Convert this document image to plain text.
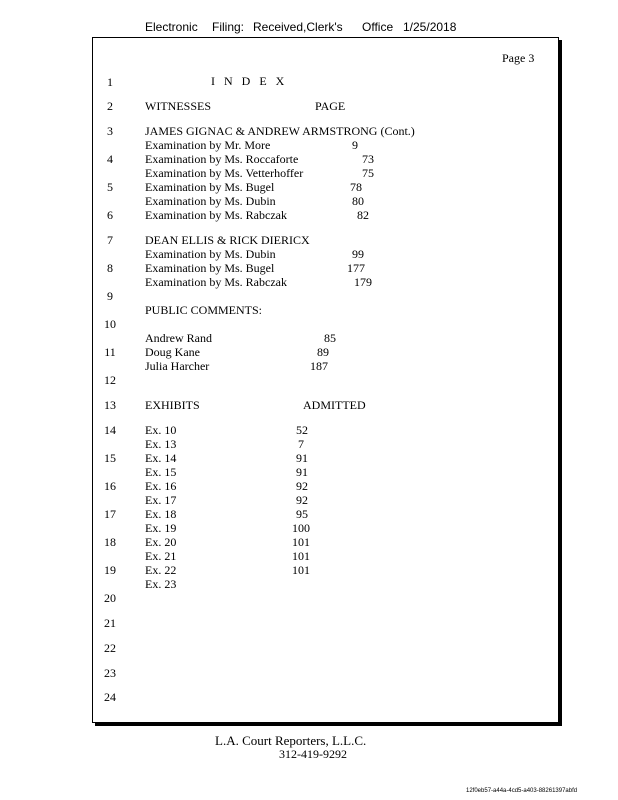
Electronic Filing: Received,Clerk's Office 1/25/2018
Page 3
I N D E X
1
2
3
4
5
6
7
8
9
10
11
12
13
14
15
16
17
18
19
20
21
22
23
24
WITNESSES	PAGE
JAMES GIGNAC & ANDREW ARMSTRONG (Cont.)
Examination by Mr. More	9
Examination by Ms. Roccaforte	73
Examination by Ms. Vetterhoffer	75
Examination by Ms. Bugel	78
Examination by Ms. Dubin	80
Examination by Ms. Rabczak	82
DEAN ELLIS & RICK DIERICX
Examination by Ms. Dubin	99
Examination by Ms. Bugel	177
Examination by Ms. Rabczak	179
PUBLIC COMMENTS:
Andrew Rand	85
Doug Kane	89
Julia Harcher	187
EXHIBITS	ADMITTED
Ex. 10	52
Ex. 13	7
Ex. 14	91
Ex. 15	91
Ex. 16	92
Ex. 17	92
Ex. 18	95
Ex. 19	100
Ex. 20	101
Ex. 21	101
Ex. 22	101
Ex. 23
L.A. Court Reporters, L.L.C.
312-419-9292
12f0eb57-a44a-4cd5-a403-88261397abfd
